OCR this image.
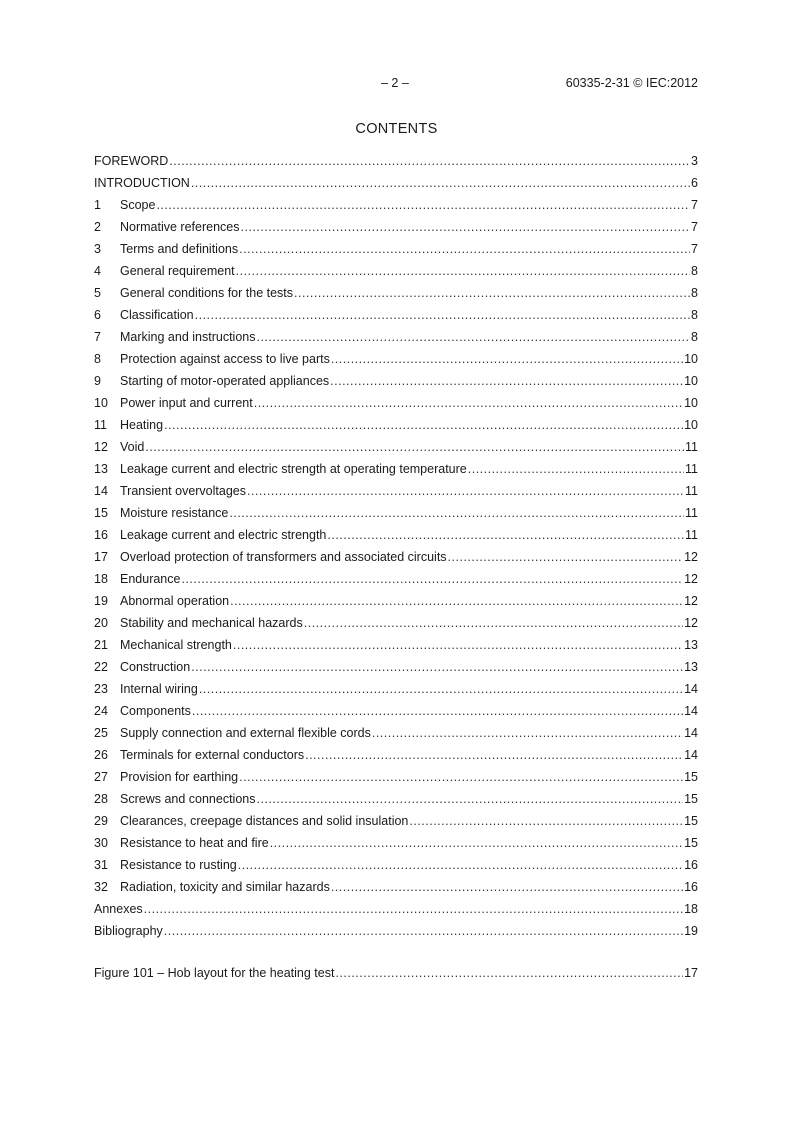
– 2 –	60335-2-31 © IEC:2012
CONTENTS
FOREWORD .....	3
INTRODUCTION .....	6
1	Scope .....	7
2	Normative references .....	7
3	Terms and definitions .....	7
4	General requirement .....	8
5	General conditions for the tests .....	8
6	Classification .....	8
7	Marking and instructions .....	8
8	Protection against access to live parts .....	10
9	Starting of motor-operated appliances .....	10
10 Power input and current .....	10
11	Heating .....	10
12 Void .....	11
13 Leakage current and electric strength at operating temperature .....	11
14 Transient overvoltages .....	11
15 Moisture resistance .....	11
16 Leakage current and electric strength .....	11
17 Overload protection of transformers and associated circuits .....	12
18 Endurance .....	12
19 Abnormal operation .....	12
20 Stability and mechanical hazards .....	12
21 Mechanical strength .....	13
22 Construction .....	13
23 Internal wiring .....	14
24 Components .....	14
25 Supply connection and external flexible cords .....	14
26 Terminals for external conductors .....	14
27 Provision for earthing .....	15
28 Screws and connections .....	15
29 Clearances, creepage distances and solid insulation .....	15
30 Resistance to heat and fire .....	15
31 Resistance to rusting .....	16
32 Radiation, toxicity and similar hazards .....	16
Annexes .....	18
Bibliography .....	19
Figure 101 – Hob layout for the heating test .....	17
